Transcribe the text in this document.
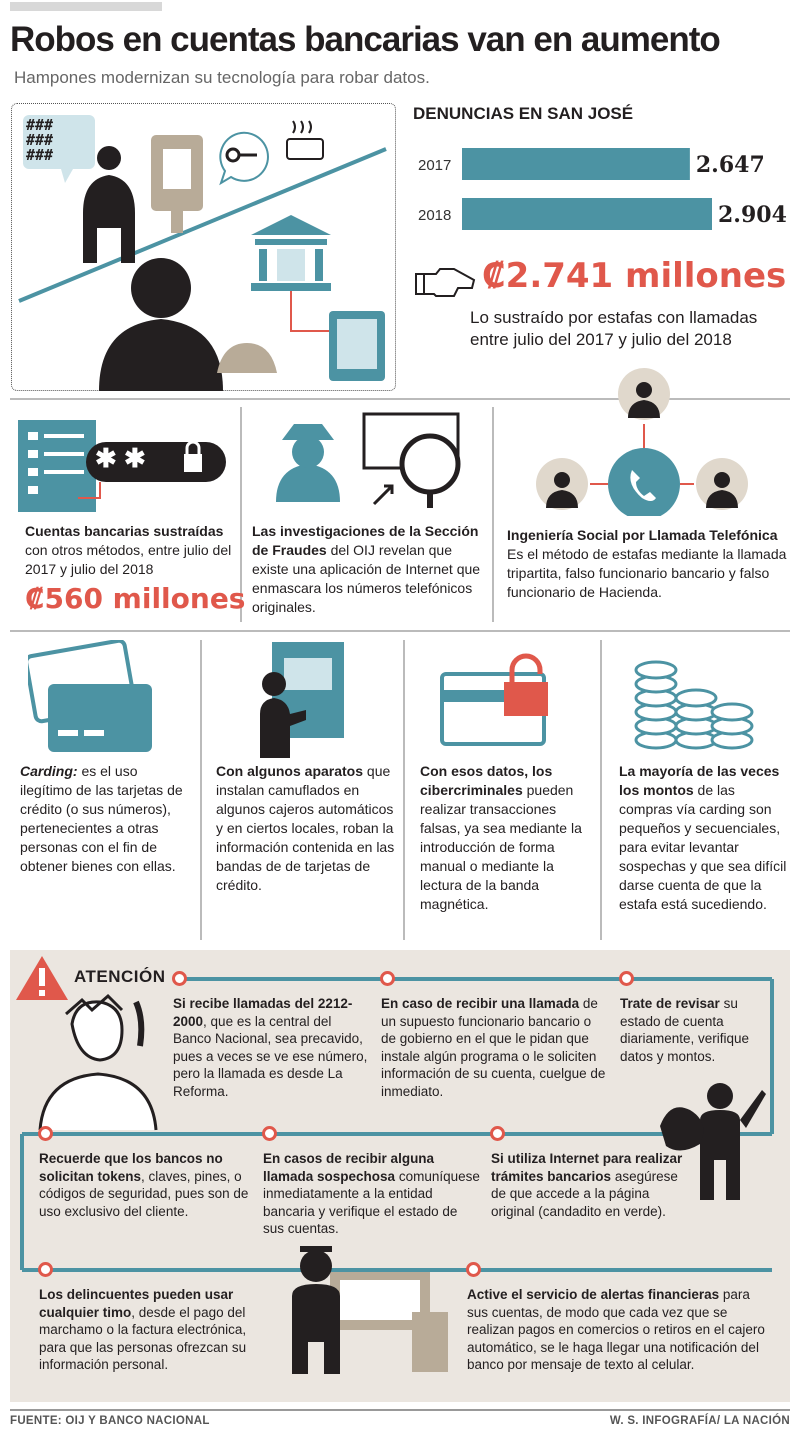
Robos en cuentas bancarias van en aumento
Hampones modernizan su tecnología para robar datos.
###
###
###
DENUNCIAS EN SAN JOSÉ
2017	2.647
2018	2.904
₡2.741 millones
Lo sustraído por estafas con llamadas entre julio del 2017 y julio del 2018
✱ ✱
Cuentas bancarias sustraídas con otros métodos, entre julio del 2017 y julio del 2018
₡560 millones
Las investigaciones de la Sección de Fraudes del OIJ revelan que existe una aplicación de Internet que enmascara los números telefónicos originales.
Ingeniería Social por Llamada Telefónica
Es el método de estafas mediante la llamada tripartita, falso funcionario bancario y falso funcionario de Hacienda.
Carding: es el uso ilegítimo de las tarjetas de crédito (o sus números), pertenecientes a otras personas con el fin de obtener bienes con ellas.
Con algunos aparatos que instalan camuflados en algunos cajeros automáticos y en ciertos locales, roban la información contenida en las bandas de de tarjetas de crédito.
Con esos datos, los cibercriminales pueden realizar transacciones falsas, ya sea mediante la introducción de forma manual o mediante la lectura de la banda magnética.
La mayoría de las veces los montos de las compras vía carding son pequeños y secuenciales, para evitar levantar sospechas y que sea difícil darse cuenta de que la estafa está sucediendo.
ATENCIÓN
Si recibe llamadas del 2212-2000, que es la central del Banco Nacional, sea precavido, pues a veces se ve ese número, pero la llamada es desde La Reforma.
En caso de recibir una llamada de un supuesto funcionario bancario o de gobierno en el que le pidan que instale algún programa o le soliciten información de su cuenta, cuelgue de inmediato.
Trate de revisar su estado de cuenta diariamente, verifique datos y montos.
Recuerde que los bancos no solicitan tokens, claves, pines, o códigos de seguridad, pues son de uso exclusivo del cliente.
En casos de recibir alguna llamada sospechosa comuníquese inmediatamente a la entidad bancaria y verifique el estado de sus cuentas.
Si utiliza Internet para realizar trámites bancarios asegúrese de que accede a la página original (candadito en verde).
Los delincuentes pueden usar cualquier timo, desde el pago del marchamo o la factura electrónica, para que las personas ofrezcan su información personal.
Active el servicio de alertas financieras para sus cuentas, de modo que cada vez que se realizan pagos en comercios o retiros en el cajero automático, se le haga llegar una notificación del banco por mensaje de texto al celular.
FUENTE: OIJ Y BANCO NACIONAL	W. S. INFOGRAFÍA/ LA NACIÓN
